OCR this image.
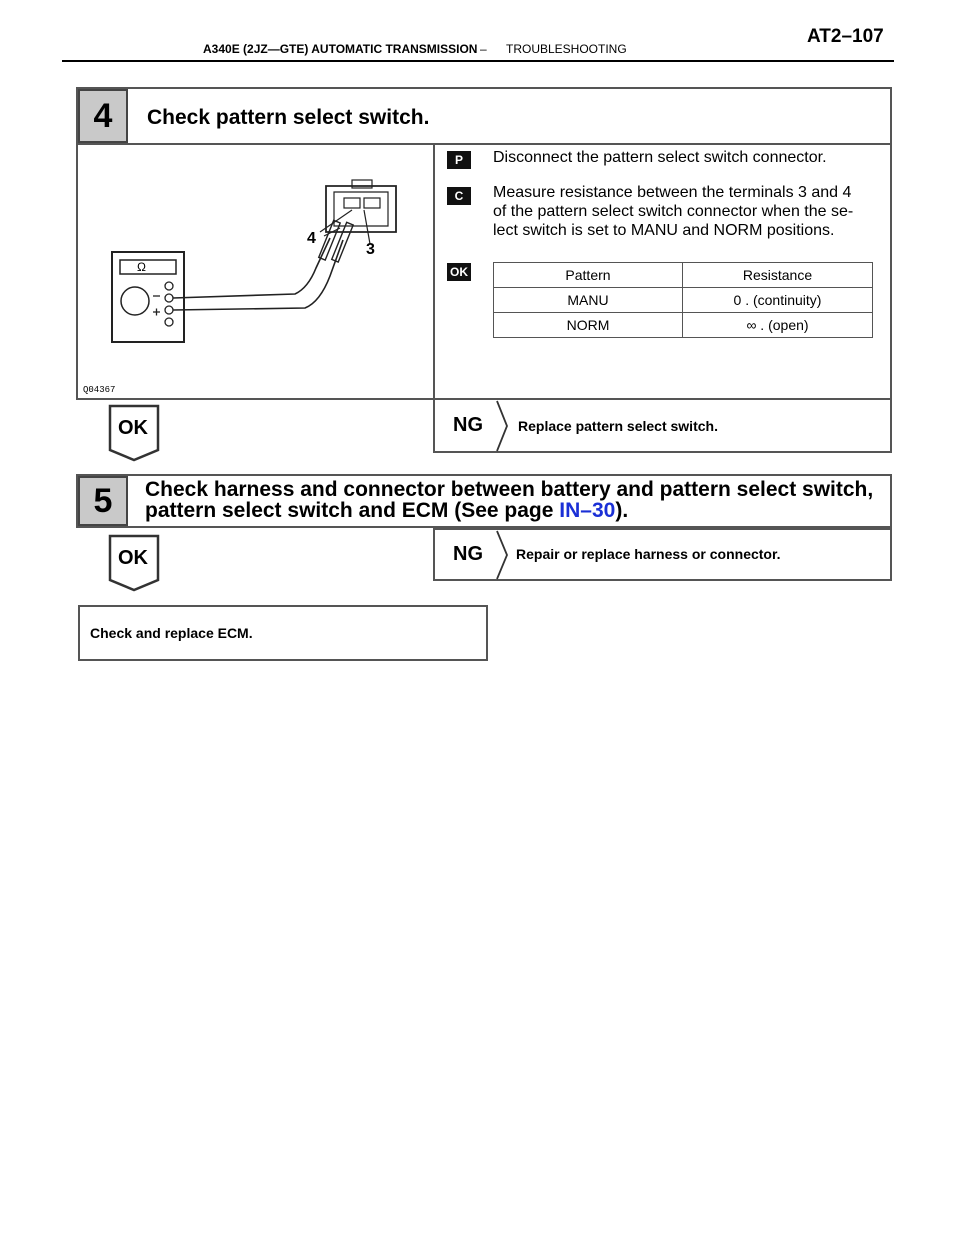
A340E (2JZ—GTE) AUTOMATIC TRANSMISSION – TROUBLESHOOTING
AT2–107
4	Check pattern select switch.
Ω
4
3
Q04367
P	Disconnect the pattern select switch connector.
C	Measure resistance between the terminals 3 and 4
of the pattern select switch connector when the se-
lect switch is set to MANU and NORM positions.
OK	Pattern	Resistance
MANU	0 . (continuity)
NORM	∞ . (open)
OK	NG	Replace pattern select switch.
5	Check harness and connector between battery and pattern select switch,
pattern select switch and ECM (See page IN–30).
OK	NG Repair or replace harness or connector.
Check and replace ECM.
